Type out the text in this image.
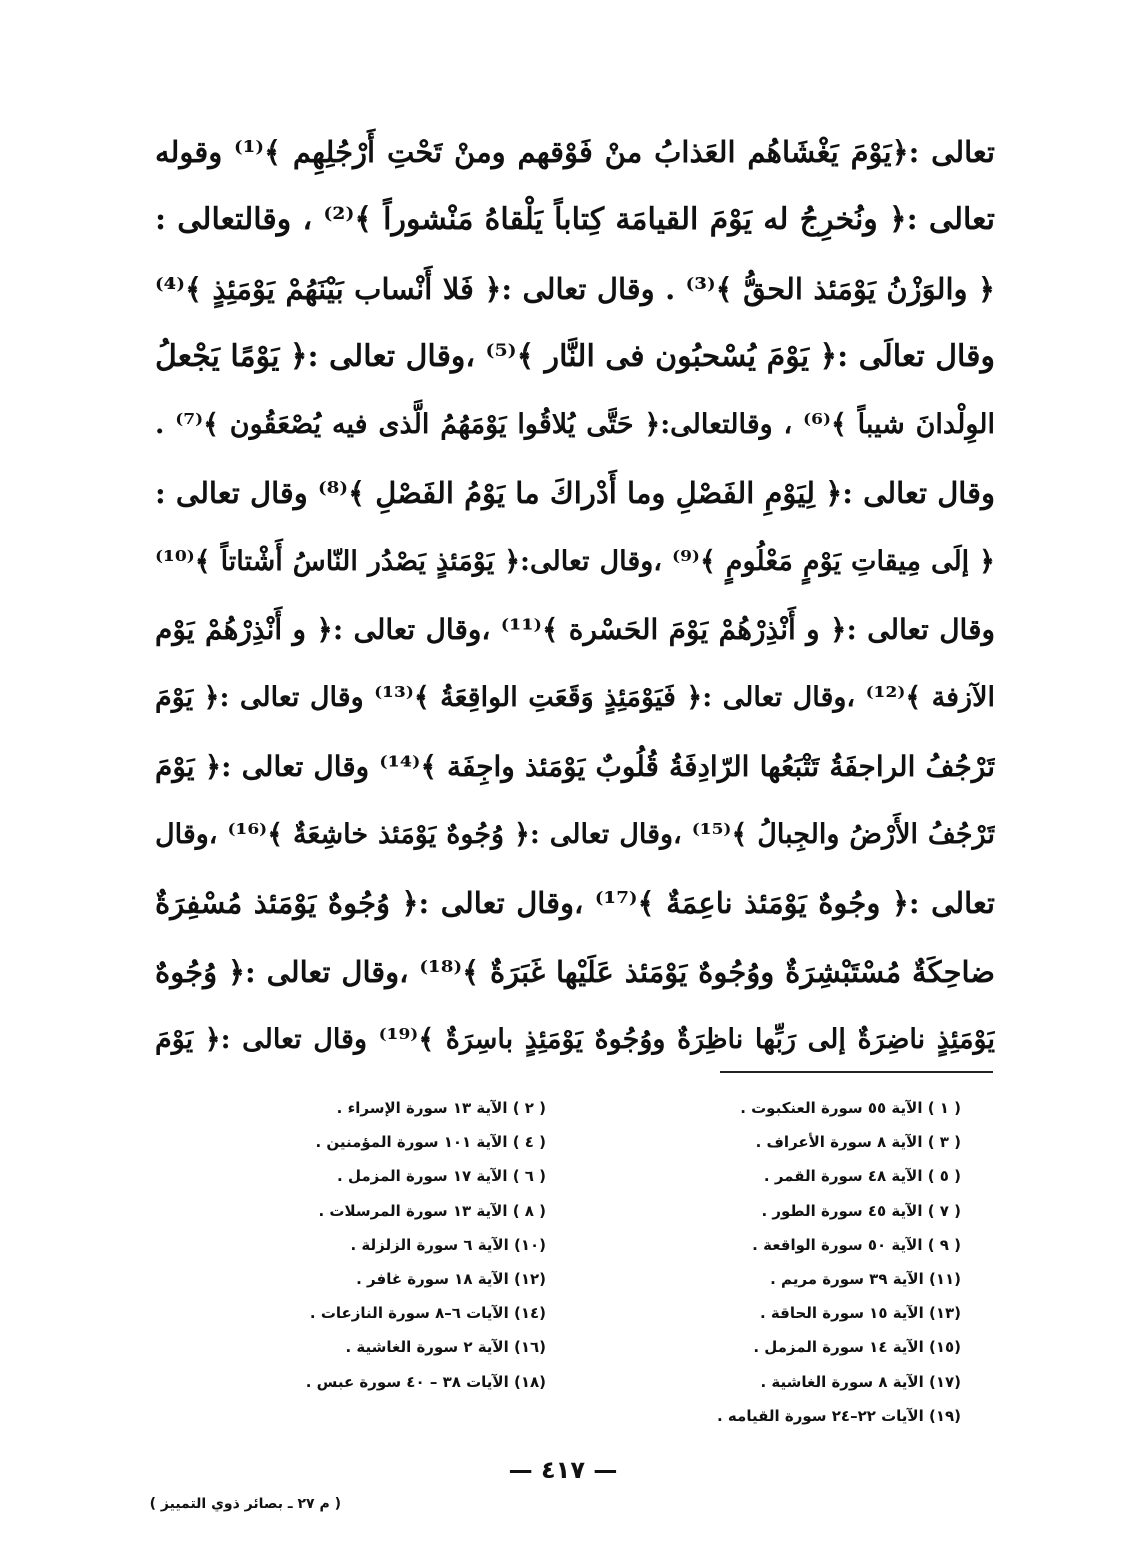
تعالى :﴿يَوْمَ يَغْشَاهُم العَذابُ منْ فَوْقهم ومنْ تَحْتِ أَرْجُلِهِم ﴾⁽¹⁾ وقوله
تعالى :﴿ ونُخرِجُ له يَوْمَ القيامَة كِتاباً يَلْقاهُ مَنْشوراً ﴾⁽²⁾ ، وقالتعالى :
﴿ والوَزْنُ يَوْمَئذ الحقُّ ﴾⁽³⁾ . وقال تعالى :﴿ فَلا أَنْساب بَيْنَهُمْ يَوْمَئِذٍ ﴾⁽⁴⁾
وقال تعالَى :﴿ يَوْمَ يُسْحبُون فى النَّار ﴾⁽⁵⁾ ،وقال تعالى :﴿ يَوْمًا يَجْعلُ
الوِلْدانَ شيباً ﴾⁽⁶⁾ ، وقالتعالى:﴿ حَتَّى يُلاقُوا يَوْمَهُمُ الَّذى فيه يُصْعَقُون ﴾⁽⁷⁾ .
وقال تعالى :﴿ لِيَوْمِ الفَصْلِ وما أَدْراكَ ما يَوْمُ الفَصْلِ ﴾⁽⁸⁾ وقال تعالى :
﴿ إلَى مِيقاتِ يَوْمٍ مَعْلُومٍ ﴾⁽⁹⁾ ،وقال تعالى:﴿ يَوْمَئذٍ يَصْدُر النّاسُ أَشْتاتاً ﴾⁽¹⁰⁾
وقال تعالى :﴿ و أَنْذِرْهُمْ يَوْمَ الحَسْرة ﴾⁽¹¹⁾ ،وقال تعالى :﴿ و أَنْذِرْهُمْ يَوْم
الآزفة ﴾⁽¹²⁾ ،وقال تعالى :﴿ فَيَوْمَئِذٍ وَقَعَتِ الواقِعَةُ ﴾⁽¹³⁾ وقال تعالى :﴿ يَوْمَ
تَرْجُفُ الراجفَةُ تَتْبَعُها الرّادِفَةُ قُلُوبٌ يَوْمَئذ واجِفَة ﴾⁽¹⁴⁾ وقال تعالى :﴿ يَوْمَ
تَرْجُفُ الأَرْضُ والجِبالُ ﴾⁽¹⁵⁾ ،وقال تعالى :﴿ وُجُوهٌ يَوْمَئذ خاشِعَةٌ ﴾⁽¹⁶⁾ ،وقال
تعالى :﴿ وجُوهٌ يَوْمَئذ ناعِمَةٌ ﴾⁽¹⁷⁾ ،وقال تعالى :﴿ وُجُوهٌ يَوْمَئذ مُسْفِرَةٌ
ضاحِكَةٌ مُسْتَبْشِرَةٌ ووُجُوهٌ يَوْمَئذ عَلَيْها غَبَرَةٌ ﴾⁽¹⁸⁾ ،وقال تعالى :﴿ وُجُوهٌ
يَوْمَئِذٍ ناضِرَةٌ إلى رَبِّها ناظِرَةٌ ووُجُوهٌ يَوْمَئِذٍ باسِرَةٌ ﴾⁽¹⁹⁾ وقال تعالى :﴿ يَوْمَ
( ١ ) الآية ٥٥ سورة العنكبوت .
( ٣ ) الآية ٨ سورة الأعراف .
( ٥ ) الآية ٤٨ سورة القمر .
( ٧ ) الآية ٤٥ سورة الطور .
( ٩ ) الآية ٥٠ سورة الواقعة .
(١١) الآية ٣٩ سورة مريم .
(١٣) الآية ١٥ سورة الحاقة .
(١٥) الآية ١٤ سورة المزمل .
(١٧) الآية ٨ سورة الغاشية .
(١٩) الآيات ٢٢–٢٤ سورة القيامه .
( ٢ ) الآية ١٣ سورة الإسراء .
( ٤ ) الآية ١٠١ سورة المؤمنين .
( ٦ ) الآية ١٧ سورة المزمل .
( ٨ ) الآية ١٣ سورة المرسلات .
(١٠) الآية ٦ سورة الزلزلة .
(١٢) الآية ١٨ سورة غافر .
(١٤) الآيات ٦–٨ سورة النازعات .
(١٦) الآية ٢ سورة الغاشية .
(١٨) الآيات ٣٨ – ٤٠ سورة عبس .
— ٤١٧ —
( م ٢٧ ـ بصائر ذوي التمييز )
